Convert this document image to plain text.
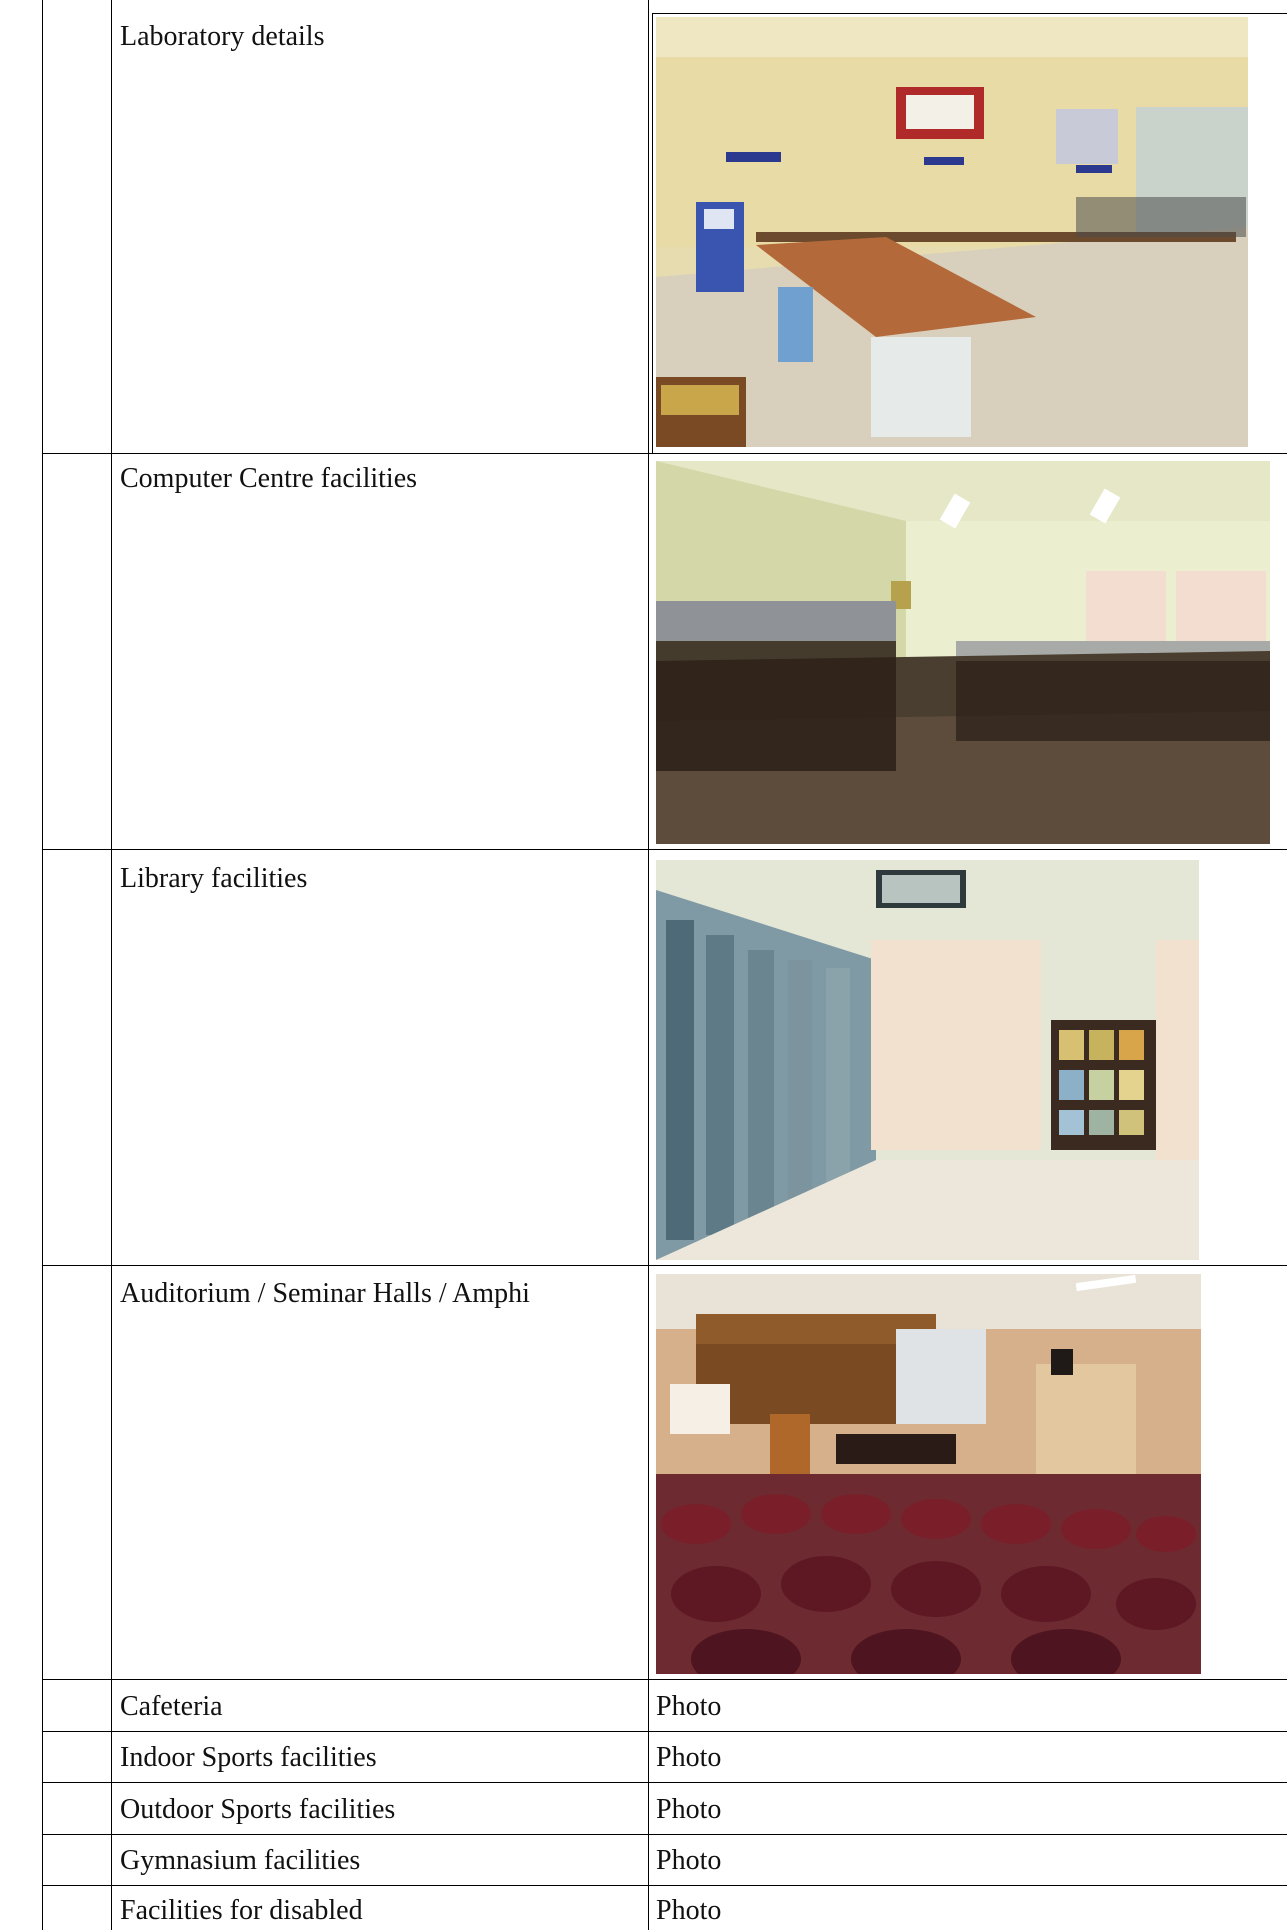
Laboratory details
Computer Centre facilities
Library facilities
Auditorium / Seminar Halls / Amphi
Cafeteria	Photo
Indoor Sports facilities	Photo
Outdoor Sports facilities	Photo
Gymnasium facilities	Photo
Facilities for disabled	Photo
